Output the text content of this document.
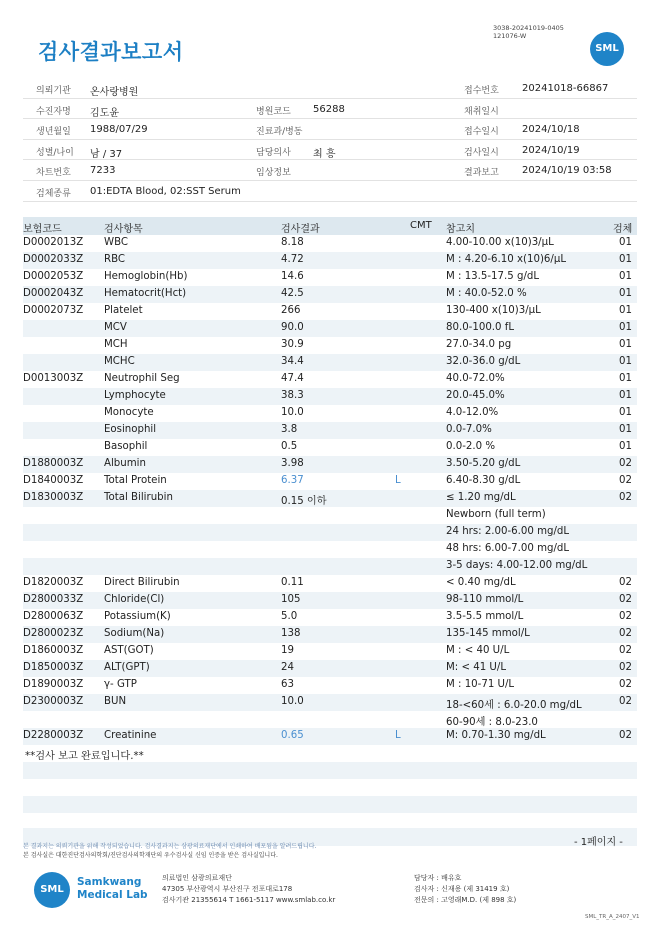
3038-20241019-0405
121076-W
검사결과보고서	SML
의뢰기관 온사랑병원	접수번호 20241018-66867
수진자명 김도윤	병원코드 56288	채취일시
생년월일 1988/07/29	진료과/병동	접수일시 2024/10/18
성별/나이 남 / 37	담당의사 최 흥	검사일시 2024/10/19
차트번호 7233	임상정보	결과보고 2024/10/19 03:58
검체종류 01:EDTA Blood, 02:SST Serum
보험코드	검사항목	검사결과	CMT 참고치	검체
D0002013Z WBC	8.18	4.00-10.00 x(10)3/μL	01
D0002033Z RBC	4.72	M : 4.20-6.10 x(10)6/μL	01
D0002053Z Hemoglobin(Hb)	14.6	M : 13.5-17.5 g/dL	01
D0002043Z Hematocrit(Hct)	42.5	M : 40.0-52.0 %	01
D0002073Z Platelet	266	130-400 x(10)3/μL	01
MCV	90.0	80.0-100.0 fL	01
MCH	30.9	27.0-34.0 pg	01
MCHC	34.4	32.0-36.0 g/dL	01
D0013003Z Neutrophil Seg	47.4	40.0-72.0%	01
Lymphocyte	38.3	20.0-45.0%	01
Monocyte	10.0	4.0-12.0%	01
Eosinophil	3.8	0.0-7.0%	01
Basophil	0.5	0.0-2.0 %	01
D1880003Z Albumin	3.98	3.50-5.20 g/dL	02
D1840003Z Total Protein	6.37	L	6.40-8.30 g/dL	02
D1830003Z Total Bilirubin	0.15 이하	≤ 1.20 mg/dL	02
Newborn (full term)
24 hrs: 2.00-6.00 mg/dL
48 hrs: 6.00-7.00 mg/dL
3-5 days: 4.00-12.00 mg/dL
D1820003Z Direct Bilirubin	0.11	< 0.40 mg/dL	02
D2800033Z Chloride(Cl)	105	98-110 mmol/L	02
D2800063Z Potassium(K)	5.0	3.5-5.5 mmol/L	02
D2800023Z Sodium(Na)	138	135-145 mmol/L	02
D1860003Z AST(GOT)	19	M : < 40 U/L	02
D1850003Z ALT(GPT)	24	M: < 41 U/L	02
D1890003Z γ- GTP	63	M : 10-71 U/L	02
D2300003Z BUN	10.0	18-<60세 : 6.0-20.0 mg/dL	02
60-90세 : 8.0-23.0
D2280003Z Creatinine	0.65	L	M: 0.70-1.30 mg/dL	02
**검사 보고 완료입니다.**
- 1페이지 -
본 결과지는 의뢰기관을 위해 작성되었습니다. 검사결과지는 삼광의료재단에서 인쇄하여 배포됨을 알려드립니다.
본 검사실은 대한진단검사의학회/진단검사의학재단의 우수검사실 신임 인증을 받은 검사실입니다.
SML
Samkwang
Medical Lab
의료법인 삼광의료재단
47305 부산광역시 부산진구 전포대로178
검사기관 21355614 T 1661-5117 www.smlab.co.kr
담당자 : 배유호
검사자 : 신재용 (제 31419 호)
전문의 : 고영래M.D. (제 898 호)
SML_TR_A_2407_V1
